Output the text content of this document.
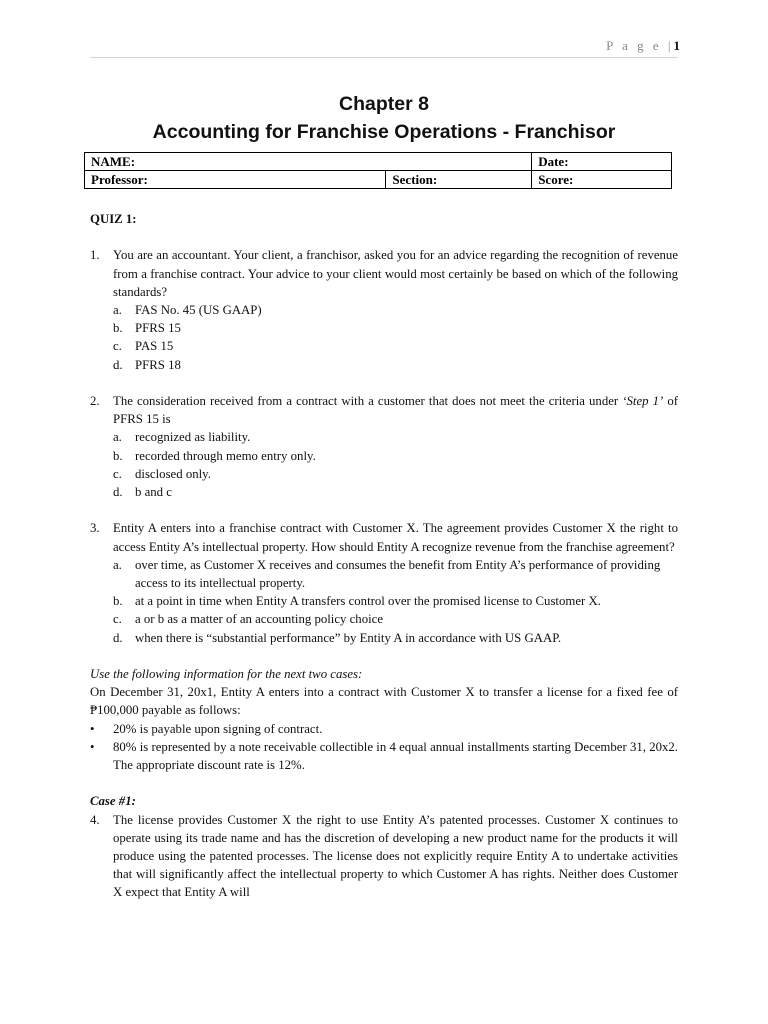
P a g e |1
Chapter 8
Accounting for Franchise Operations - Franchisor
NAME:		Date:
Professor:	Section:	Score:

QUIZ 1:

1.	You are an accountant. Your client, a franchisor, asked you for an advice regarding the recognition of revenue from a franchise contract. Your advice to your client would most certainly be based on which of the following standards?
a.	FAS No. 45 (US GAAP)
b. PFRS 15
c.	PAS 15
d. PFRS 18
2.	The consideration received from a contract with a customer that does not meet the criteria under ‘Step 1’ of PFRS 15 is
a.	recognized as liability.
b. recorded through memo entry only.
c.	disclosed only.
d. b and c
3.	Entity A enters into a franchise contract with Customer X. The agreement provides Customer X the right to access Entity A’s intellectual property. How should Entity A recognize revenue from the franchise agreement?
a.	over time, as Customer X receives and consumes the benefit from Entity A’s performance of providing access to its intellectual property.
b. at a point in time when Entity A transfers control over the promised license to Customer X.
c.	a or b as a matter of an accounting policy choice
d. when there is “substantial performance” by Entity A in accordance with US GAAP.

Use the following information for the next two cases:

On December 31, 20x1, Entity A enters into a contract with Customer X to transfer a license for a fixed fee of ₱100,000 payable as follows:

•	20% is payable upon signing of contract.
•	80% is represented by a note receivable collectible in 4 equal annual installments starting December 31, 20x2. The appropriate discount rate is 12%.

Case #1:

4.	The license provides Customer X the right to use Entity A’s patented processes. Customer X continues to operate using its trade name and has the discretion of developing a new product name for the products it will produce using the patented processes. The license does not explicitly require Entity A to undertake activities that will significantly affect the intellectual property to which Customer A has rights. Neither does Customer X expect that Entity A will
